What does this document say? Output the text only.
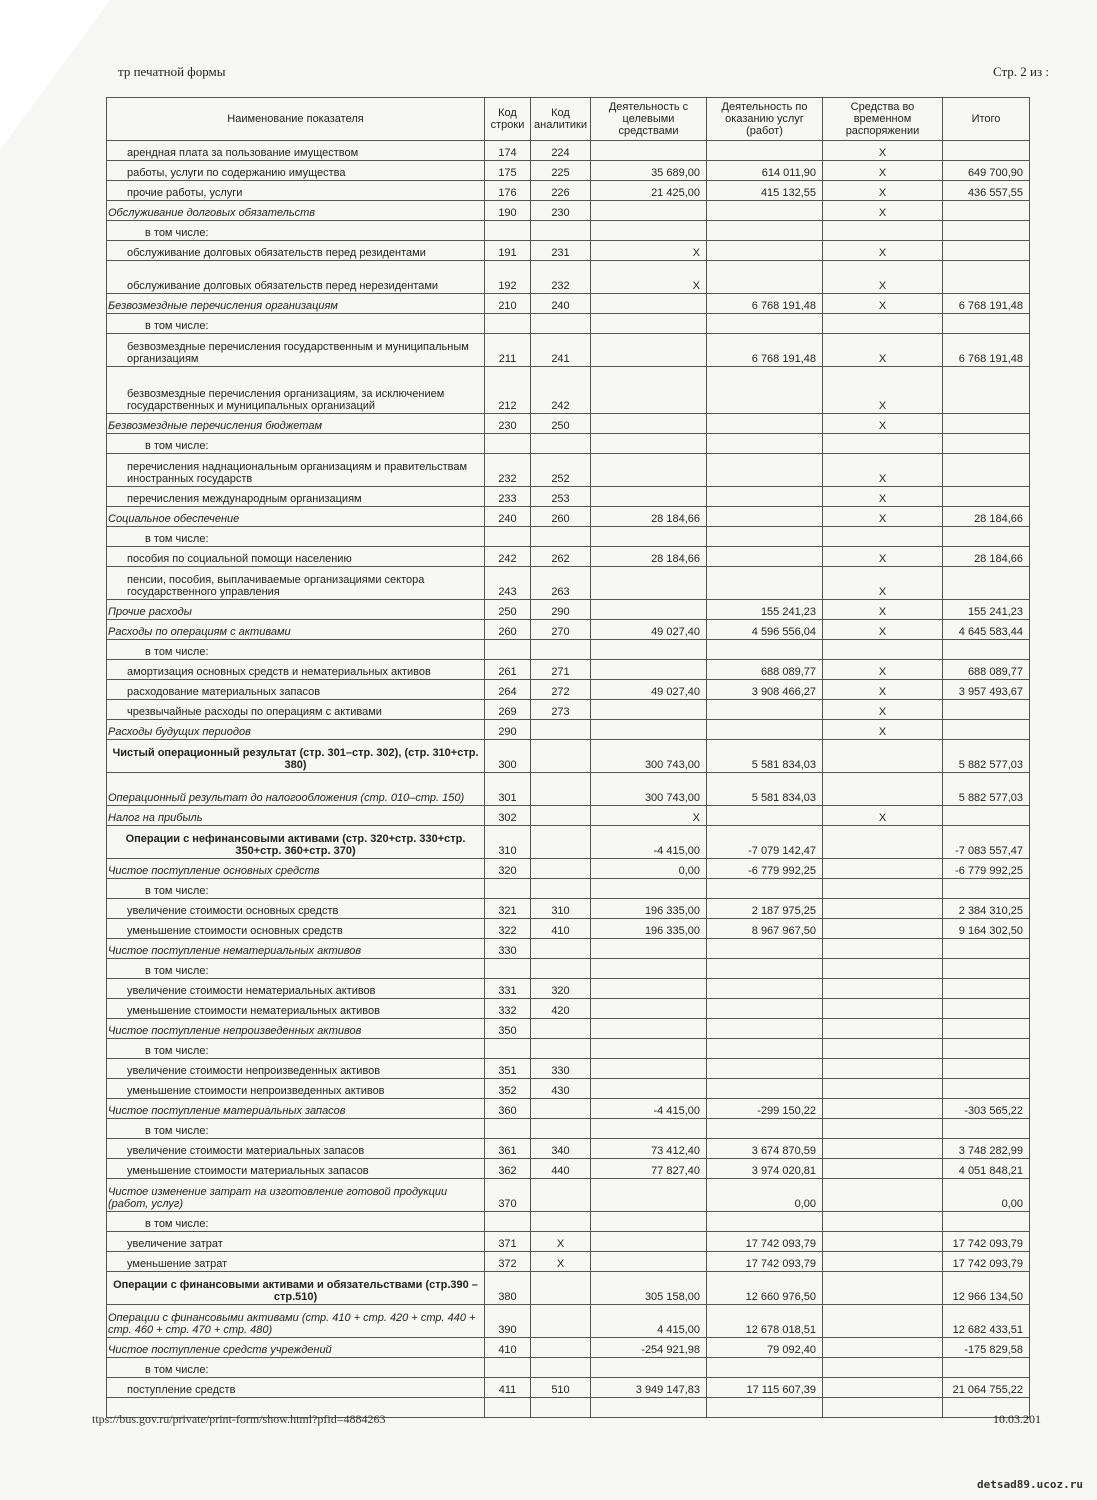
тр печатной формы	Стр. 2 из :
Наименование показателя	Код строки	Код аналитики	Деятельность с целевыми средствами	Деятельность по оказанию услуг (работ)	Средства во временном распоряжении	Итого
арендная плата за пользование имуществом	174	224			X	
работы, услуги по содержанию имущества	175	225	35 689,00	614 011,90	X	649 700,90
прочие работы, услуги	176	226	21 425,00	415 132,55	X	436 557,55
Обслуживание долговых обязательств	190	230			X	
в том числе:						
обслуживание долговых обязательств перед резидентами	191	231	X		X	
обслуживание долговых обязательств перед нерезидентами	192	232	X		X	
Безвозмездные перечисления организациям	210	240		6 768 191,48	X	6 768 191,48
в том числе:						
безвозмездные перечисления государственным и муниципальным организациям	211	241		6 768 191,48	X	6 768 191,48
безвозмездные перечисления организациям, за исключением государственных и муниципальных организаций	212	242			X	
Безвозмездные перечисления бюджетам	230	250			X	
в том числе:						
перечисления наднациональным организациям и правительствам иностранных государств	232	252			X	
перечисления международным организациям	233	253			X	
Социальное обеспечение	240	260	28 184,66		X	28 184,66
в том числе:						
пособия по социальной помощи населению	242	262	28 184,66		X	28 184,66
пенсии, пособия, выплачиваемые организациями сектора государственного управления	243	263			X	
Прочие расходы	250	290		155 241,23	X	155 241,23
Расходы по операциям с активами	260	270	49 027,40	4 596 556,04	X	4 645 583,44
в том числе:						
амортизация основных средств и нематериальных активов	261	271		688 089,77	X	688 089,77
расходование материальных запасов	264	272	49 027,40	3 908 466,27	X	3 957 493,67
чрезвычайные расходы по операциям с активами	269	273			X	
Расходы будущих периодов	290				X	
Чистый операционный результат (стр. 301–стр. 302), (стр. 310+стр. 380)	300		300 743,00	5 581 834,03		5 882 577,03
Операционный результат до налогообложения (стр. 010–стр. 150)	301		300 743,00	5 581 834,03		5 882 577,03
Налог на прибыль	302		X		X	
Операции с нефинансовыми активами (стр. 320+стр. 330+стр. 350+стр. 360+стр. 370)	310		-4 415,00	-7 079 142,47		-7 083 557,47
Чистое поступление основных средств	320		0,00	-6 779 992,25		-6 779 992,25
в том числе:						
увеличение стоимости основных средств	321	310	196 335,00	2 187 975,25		2 384 310,25
уменьшение стоимости основных средств	322	410	196 335,00	8 967 967,50		9 164 302,50
Чистое поступление нематериальных активов	330					
в том числе:						
увеличение стоимости нематериальных активов	331	320				
уменьшение стоимости нематериальных активов	332	420				
Чистое поступление непроизведенных активов	350					
в том числе:						
увеличение стоимости непроизведенных активов	351	330				
уменьшение стоимости непроизведенных активов	352	430				
Чистое поступление материальных запасов	360		-4 415,00	-299 150,22		-303 565,22
в том числе:						
увеличение стоимости материальных запасов	361	340	73 412,40	3 674 870,59		3 748 282,99
уменьшение стоимости материальных запасов	362	440	77 827,40	3 974 020,81		4 051 848,21
Чистое изменение затрат на изготовление готовой продукции (работ, услуг)	370			0,00		0,00
в том числе:						
увеличение затрат	371	X		17 742 093,79		17 742 093,79
уменьшение затрат	372	X		17 742 093,79		17 742 093,79
Операции с финансовыми активами и обязательствами (стр.390 – стр.510)	380		305 158,00	12 660 976,50		12 966 134,50
Операции с финансовыми активами (стр. 410 + стр. 420 + стр. 440 + стр. 460 + стр. 470 + стр. 480)	390		4 415,00	12 678 018,51		12 682 433,51
Чистое поступление средств учреждений	410		-254 921,98	79 092,40		-175 829,58
в том числе:						
поступление средств	411	510	3 949 147,83	17 115 607,39		21 064 755,22

ttps://bus.gov.ru/private/print-form/show.html?pfid=4884263	10.03.201
detsad89.ucoz.ru
